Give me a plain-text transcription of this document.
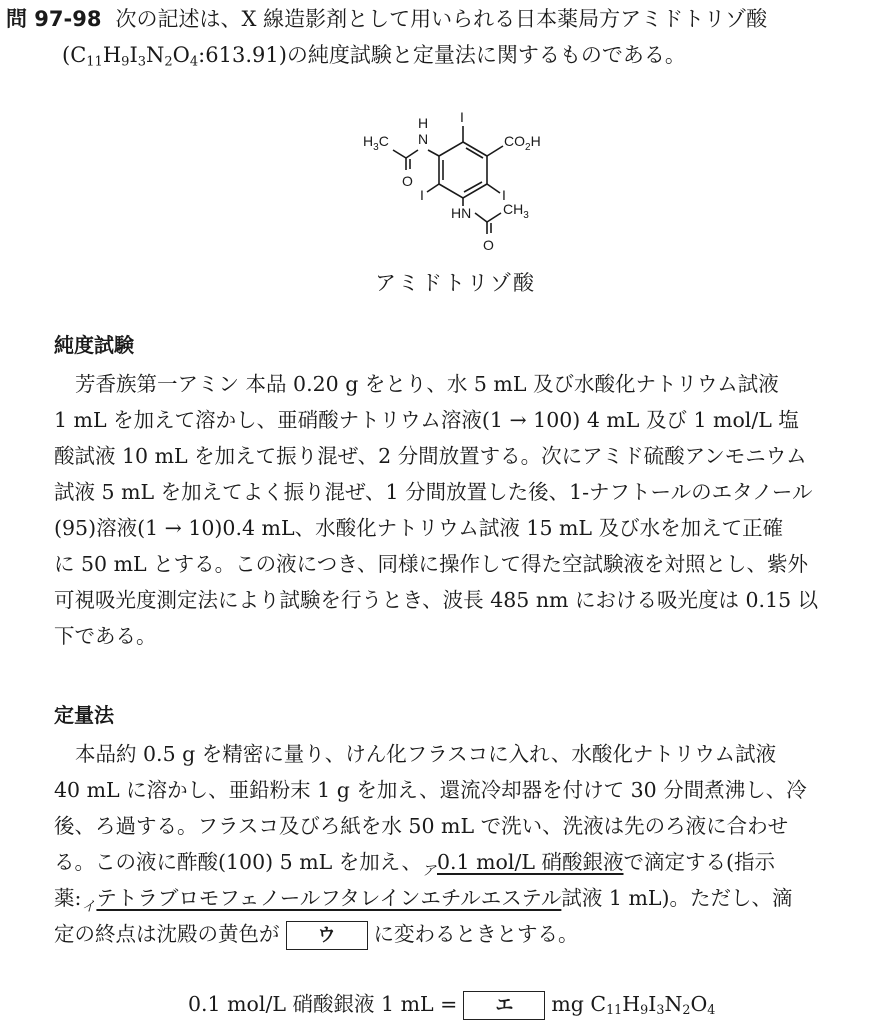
問 97-98 次の記述は、X 線造影剤として用いられる日本薬局方アミドトリゾ酸
$(C_{11}H_9I_3N_2O_4:613.91)$の純度試験と定量法に関するものである。
H
N
I
$H_3C$
O
$CO_2H$
I	I
HN $CH_3$
O
アミドトリゾ酸
純度試験
芳香族第一アミン 本品 0.20 g をとり、水 5 mL 及び水酸化ナトリウム試液
1 mL を加えて溶かし、亜硝酸ナトリウム溶液(1 → 100) 4 mL 及び 1 mol/L 塩
酸試液 10 mL を加えて振り混ぜ、2 分間放置する。次にアミド硫酸アンモニウム
試液 5 mL を加えてよく振り混ぜ、1 分間放置した後、1-ナフトールのエタノール
(95)溶液(1 → 10)0.4 mL、水酸化ナトリウム試液 15 mL 及び水を加えて正確
に 50 mL とする。この液につき、同様に操作して得た空試験液を対照とし、紫外
可視吸光度測定法により試験を行うとき、波長 485 nm における吸光度は 0.15 以
下である。
定量法
本品約 0.5 g を精密に量り、けん化フラスコに入れ、水酸化ナトリウム試液
40 mL に溶かし、亜鉛粉末 1 g を加え、還流冷却器を付けて 30 分間煮沸し、冷
後、ろ過する。フラスコ及びろ紙を水 50 mL で洗い、洗液は先のろ液に合わせ
る。この液に酢酸(100) 5 mL を加え、$_ア$0.1 mol/L 硝酸銀液で滴定する(指示
薬$:_イ$テトラブロモフェノールフタレインエチルエステル試液 1 mL)。ただし、滴
定の終点は沈殿の黄色が ウ に変わるときとする。
0.1 mol/L 硝酸銀液 1 mL = エ mg $C_{11}H_9I_3N_2O_4$
